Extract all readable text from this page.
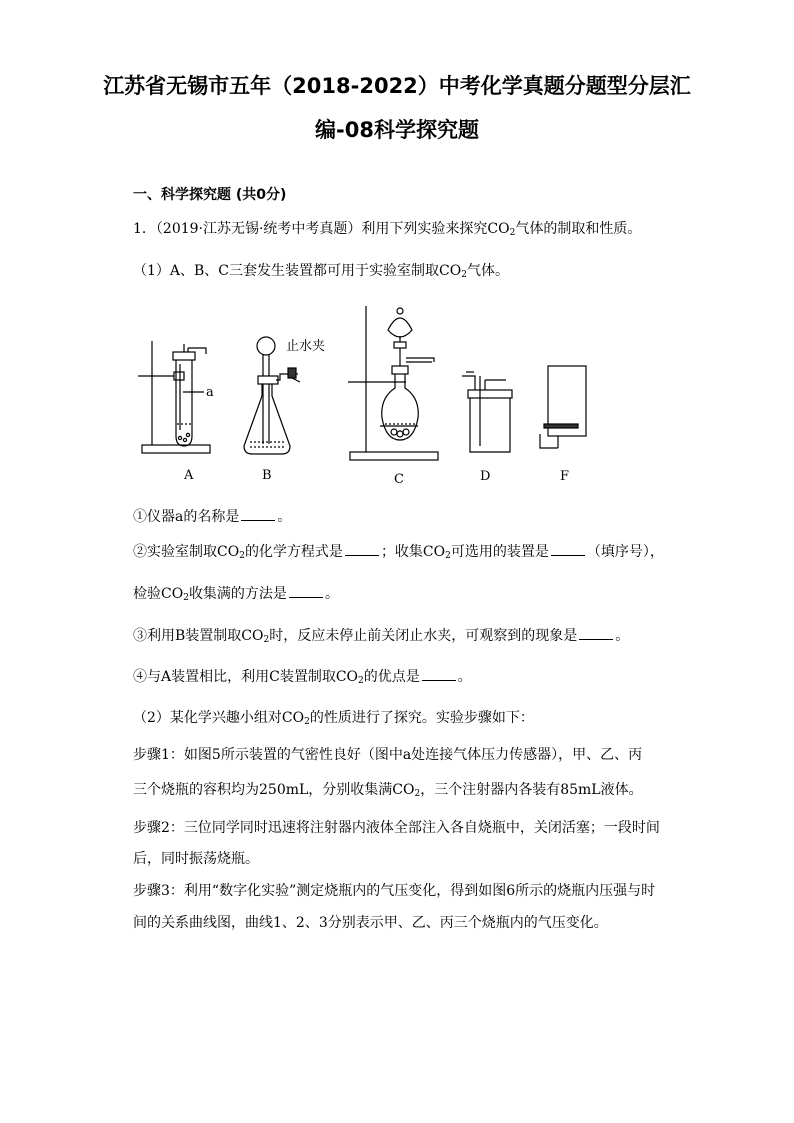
江苏省无锡市五年（2018-2022）中考化学真题分题型分层汇
编-08科学探究题
一、科学探究题 (共0分)
1．（2019·江苏无锡·统考中考真题）利用下列实验来探究$CO_2$气体的制取和性质。
（1）A、B、C三套发生装置都可用于实验室制取$CO_2$气体。
a
止水夹
A	B	C	D	F
①仪器a的名称是	。
②实验室制取$CO_2$的化学方程式是	；收集$CO_2$可选用的装置是	（填序号），
检验$CO_2$收集满的方法是	。
③利用B装置制取$CO_2$时，反应未停止前关闭止水夹，可观察到的现象是	。
④与A装置相比，利用C装置制取$CO_2$的优点是	。
（2）某化学兴趣小组对$CO_2$的性质进行了探究。实验步骤如下：
步骤1：如图5所示装置的气密性良好（图中a处连接气体压力传感器），甲、乙、丙
三个烧瓶的容积均为250mL，分别收集满$CO_2$，三个注射器内各装有85mL液体。
步骤2：三位同学同时迅速将注射器内液体全部注入各自烧瓶中，关闭活塞；一段时间
后，同时振荡烧瓶。
步骤3：利用“数字化实验”测定烧瓶内的气压变化，得到如图6所示的烧瓶内压强与时
间的关系曲线图，曲线1、2、3分别表示甲、乙、丙三个烧瓶内的气压变化。
